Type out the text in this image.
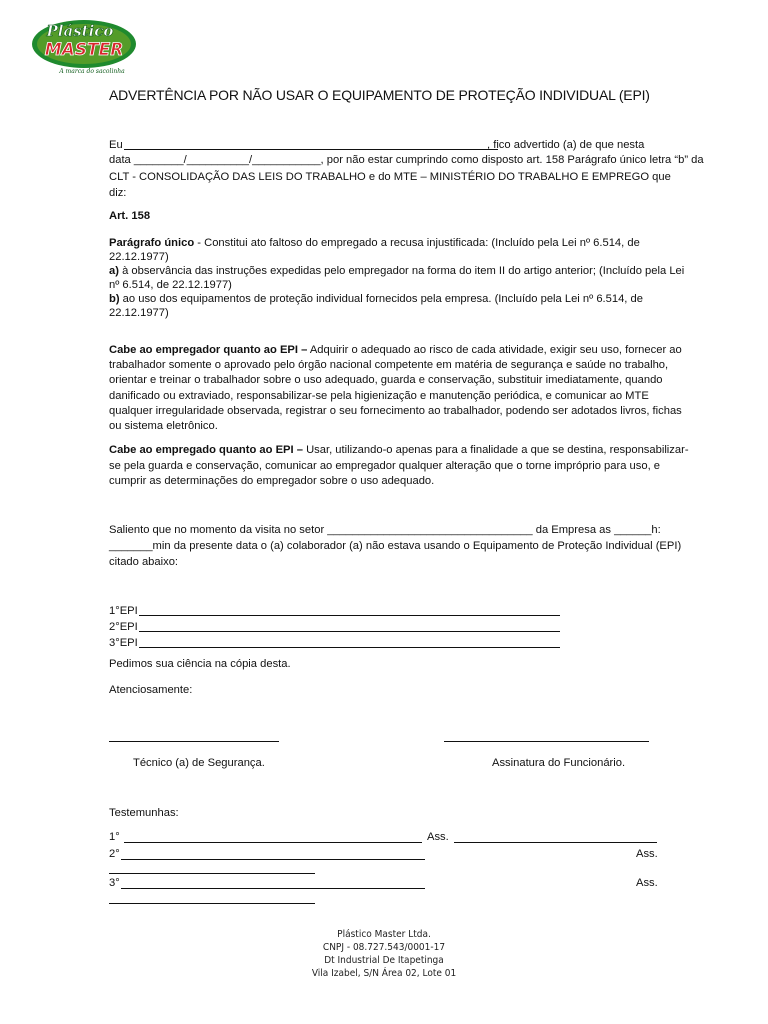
Plástico
MASTER
A marca do sacolinha
ADVERTÊNCIA POR NÃO USAR O EQUIPAMENTO DE PROTEÇÃO INDIVIDUAL (EPI)
Eu	, fico advertido (a) de que nesta
data ________/__________/___________, por não estar cumprindo como disposto art. 158 Parágrafo único letra “b” da
CLT - CONSOLIDAÇÃO DAS LEIS DO TRABALHO e do MTE – MINISTÉRIO DO TRABALHO E EMPREGO que
diz:
Art. 158
Parágrafo único - Constitui ato faltoso do empregado a recusa injustificada: (Incluído pela Lei nº 6.514, de
22.12.1977)
a) à observância das instruções expedidas pelo empregador na forma do item II do artigo anterior; (Incluído pela Lei
nº 6.514, de 22.12.1977)
b) ao uso dos equipamentos de proteção individual fornecidos pela empresa. (Incluído pela Lei nº 6.514, de
22.12.1977)
Cabe ao empregador quanto ao EPI – Adquirir o adequado ao risco de cada atividade, exigir seu uso, fornecer ao
trabalhador somente o aprovado pelo órgão nacional competente em matéria de segurança e saúde no trabalho,
orientar e treinar o trabalhador sobre o uso adequado, guarda e conservação, substituir imediatamente, quando
danificado ou extraviado, responsabilizar-se pela higienização e manutenção periódica, e comunicar ao MTE
qualquer irregularidade observada, registrar o seu fornecimento ao trabalhador, podendo ser adotados livros, fichas
ou sistema eletrônico.
Cabe ao empregado quanto ao EPI – Usar, utilizando-o apenas para a finalidade a que se destina, responsabilizar-
se pela guarda e conservação, comunicar ao empregador qualquer alteração que o torne impróprio para uso, e
cumprir as determinações do empregador sobre o uso adequado.
Saliento que no momento da visita no setor _________________________________ da Empresa as ______h:
_______min da presente data o (a) colaborador (a) não estava usando o Equipamento de Proteção Individual (EPI)
citado abaixo:
1°EPI
2°EPI
3°EPI
Pedimos sua ciência na cópia desta.
Atenciosamente:
Técnico (a) de Segurança.	Assinatura do Funcionário.
Testemunhas:
1°	Ass.
2°	Ass.
3°	Ass.
Plástico Master Ltda.
CNPJ - 08.727.543/0001-17
Dt Industrial De Itapetinga
Vila Izabel, S/N Área 02, Lote 01
